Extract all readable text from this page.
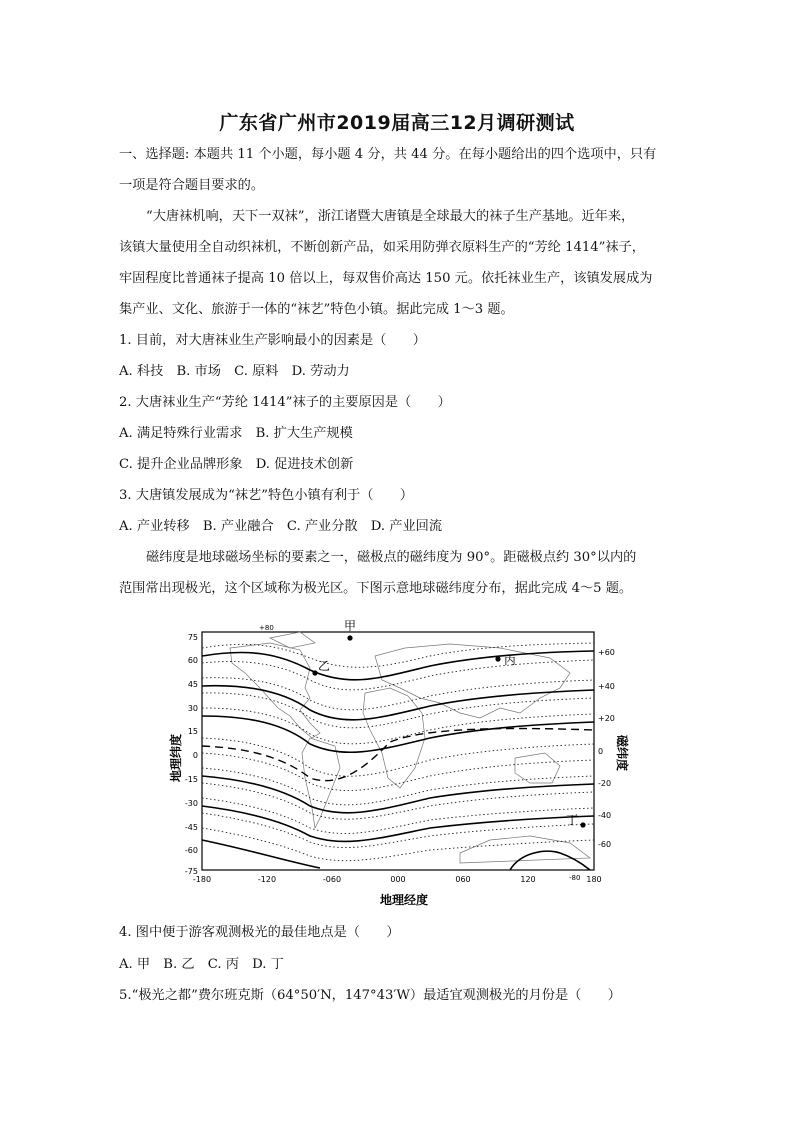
广东省广州市2019届高三12月调研测试
一、选择题: 本题共 11 个小题，每小题 4 分，共 44 分。在每小题给出的四个选项中，只有
一项是符合题目要求的。
“大唐袜机响，天下一双袜”，浙江诸暨大唐镇是全球最大的袜子生产基地。近年来，
该镇大量使用全自动织袜机，不断创新产品，如采用防弹衣原料生产的“芳纶 1414”袜子，
牢固程度比普通袜子提高 10 倍以上，每双售价高达 150 元。依托袜业生产，该镇发展成为
集产业、文化、旅游于一体的“袜艺”特色小镇。据此完成 1～3 题。
1. 目前，对大唐袜业生产影响最小的因素是（　　）
A. 科技　B. 市场　C. 原料　D. 劳动力
2. 大唐袜业生产“芳纶 1414”袜子的主要原因是（　　）
A. 满足特殊行业需求　B. 扩大生产规模
C. 提升企业品牌形象　D. 促进技术创新
3. 大唐镇发展成为“袜艺”特色小镇有利于（　　）
A. 产业转移　B. 产业融合　C. 产业分散　D. 产业回流
磁纬度是地球磁场坐标的要素之一，磁极点的磁纬度为 90°。距磁极点约 30°以内的
范围常出现极光，这个区域称为极光区。下图示意地球磁纬度分布，据此完成 4～5 题。
甲
乙	丙
丁
+80
-80
75
60
45
30
15
0
-15
-30
-45
-60
-75
+60
+40
+20
0
-20
-40
-60
-180	-120	-060	000	060	120	180
地理纬度	磁纬度
地理经度
4. 图中便于游客观测极光的最佳地点是（　　）
A. 甲　B. 乙　C. 丙　D. 丁
5.“极光之都”费尔班克斯（64°50′N，147°43′W）最适宜观测极光的月份是（　　）
